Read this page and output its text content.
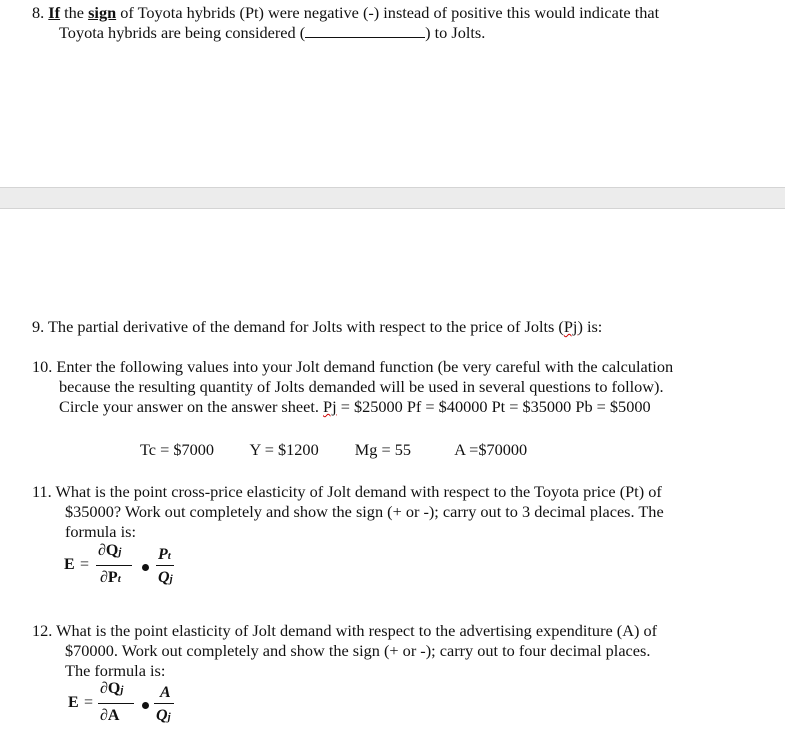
8. If the sign of Toyota hybrids (Pt) were negative (-) instead of positive this would indicate that
Toyota hybrids are being considered (	) to Jolts.
9. The partial derivative of the demand for Jolts with respect to the price of Jolts (Pj) is:
10. Enter the following values into your Jolt demand function (be very careful with the calculation
because the resulting quantity of Jolts demanded will be used in several questions to follow).
Circle your answer on the answer sheet. Pj = $25000 Pf = $40000 Pt = $35000 Pb = $5000
Tc = $7000 Y = $1200 Mg = 55	A =$70000
11. What is the point cross-price elasticity of Jolt demand with respect to the Toyota price (Pt) of
$35000? Work out completely and show the sign (+ or -); carry out to 3 decimal places. The
formula is:
E =
∂Qj
∂Pt
Pt
Qj
12. What is the point elasticity of Jolt demand with respect to the advertising expenditure (A) of
$70000. Work out completely and show the sign (+ or -); carry out to four decimal places.
The formula is:
E =
∂Qj
∂A
A
Qj
